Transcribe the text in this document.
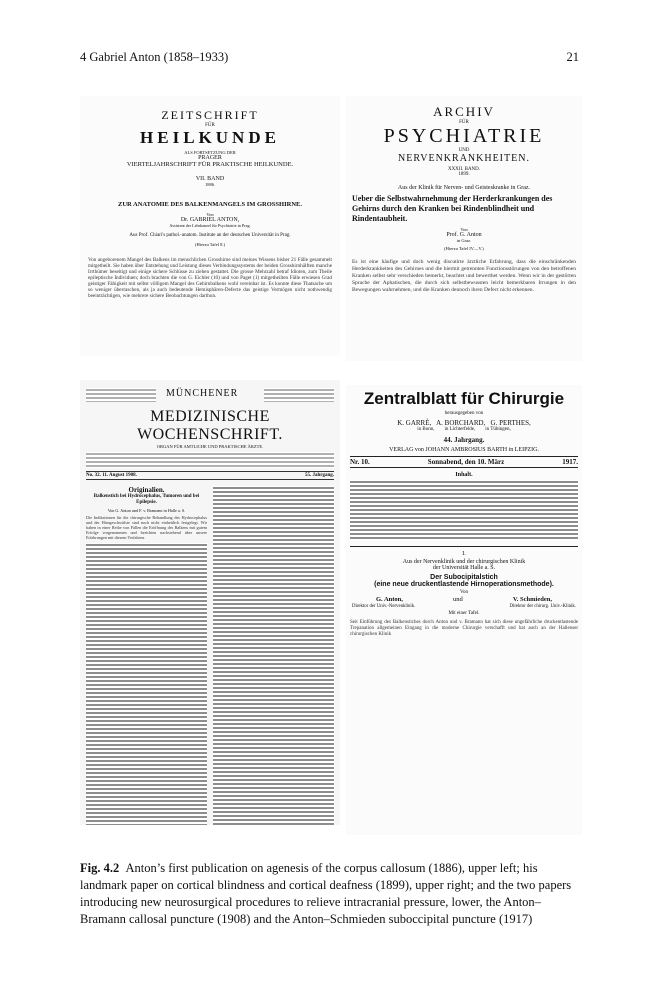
4 Gabriel Anton (1858–1933)	21
ZEITSCHRIFT
FÜR
HEILKUNDE
ALS FORTSETZUNG DER
PRAGER
VIERTELJAHRSCHRIFT FÜR PRAKTISCHE HEILKUNDE.
VII. BAND
1886.
ZUR ANATOMIE DES BALKENMANGELS IM GROSSHIRNE.
Von
Dr. GABRIEL ANTON,
Assistent der Lehrkanzel für Psychiatrie in Prag.
Aus Prof. Chiari's pathol.-anatom. Institute an der deutschen Universität in Prag.
(Hierzu Tafel 8.)
Von angeborenem Mangel des Balkens im menschlichen Grosshirne sind meines Wissens bisher 21 Fälle gesammelt mitgetheilt. Sie haben über Entstehung und Leistung dieses Verbindungssystems der beiden Grosshirnhälften manche Irrthümer beseitigt und einige sichere Schlüsse zu ziehen gestattet. Die grosse Mehrzahl betraf Idioten, zum Theile epileptische Individuen; doch brachten die von G. Eichler (10) und von Paget (1) mitgetheilten Fälle erwiesen Grad geistiger Fähigkeit mit selbst völligem Mangel des Gehirnbalkens wohl vereinbar ist. Es konnte diese Thatsache um so weniger überraschen, als ja auch bedeutende Hemisphären-Defecte das geistige Vermögen nicht nothwendig beeinträchtigen, wie mehrere sichere Beobachtungen darthun.
ARCHIV
FÜR
PSYCHIATRIE
UND
NERVENKRANKHEITEN.
XXXII. BAND.
1899.
Aus der Klinik für Nerven- und Geisteskranke in Graz.
Ueber die Selbstwahrnehmung der Herderkrankungen des Gehirns durch den Kranken bei Rindenblindheit und Rindentaubheit.
Von
Prof. G. Anton
in Graz.
(Hierzu Tafel IV—V.)
Es ist eine häufige und doch wenig discutirte ärztliche Erfahrung, dass die einschränkenden Herderkrankheiten des Gehirnes und die hiermit getrennten Functionsstörungen von den betroffenen Kranken selbst sehr verschieden bemerkt, beachtet und bewerthet werden. Wenn wir in der gestörten Sprache der Aphatischen, die durch sich selbstbewussten leicht bemerkbaren Irrungen in den Bewegungen wahrnehmen, und die Kranken dennoch ihren Defect nicht erkennen.
MÜNCHENER
MEDIZINISCHE WOCHENSCHRIFT.
ORGAN FÜR AMTLICHE UND PRAKTISCHE ÄRZTE.
No. 32. 11. August 1908.	55. Jahrgang.
Originalien.
Balkenstich bei Hydrocephalus, Tumoren und bei Epilepsie.
Von G. Anton und F. v. Bramann in Halle a. S.
Die Indikationen für die chirurgische Behandlung des Hydrocephalus und der Hirngeschwülste sind noch nicht einheitlich festgelegt. Wir haben in einer Reihe von Fällen die Eröffnung des Balkens mit gutem Erfolge vorgenommen und berichten nachstehend über unsere Erfahrungen mit diesem Verfahren.
Zentralblatt für Chirurgie
herausgegeben von
K. GARRÈ,   A. BORCHARD,   G. PERTHES,
in Bonn,        in Lichterfelde,        in Tübingen,
44. Jahrgang.
VERLAG von JOHANN AMBROSIUS BARTH in LEIPZIG.
Nr. 10.	Sonnabend, den 10. März	1917.
Inhalt.
I.
Aus der Nervenklinik und der chirurgischen Klinik
der Universität Halle a. S.
Der Subocipitalstich
(eine neue druckentlastende Hirnoperationsmethode).
Von
G. Anton,	und	V. Schmieden,
Direktor der Univ.-Nervenklinik.	Direktor der chirurg. Univ.-Klinik.
Mit einer Tafel.
Seit Einführung des Balkenstiches durch Anton und v. Bramann hat sich diese ungefährliche druckentlastende Trepanation allgemeinen Eingang in die moderne Chirurgie verschafft und hat auch an der Hallenser chirurgischen Klinik
Fig. 4.2 Anton’s first publication on agenesis of the corpus callosum (1886), upper left; his landmark paper on cortical blindness and cortical deafness (1899), upper right; and the two papers introducing new neurosurgical procedures to relieve intracranial pressure, lower, the Anton–Bramann callosal puncture (1908) and the Anton–Schmieden suboccipital puncture (1917)
